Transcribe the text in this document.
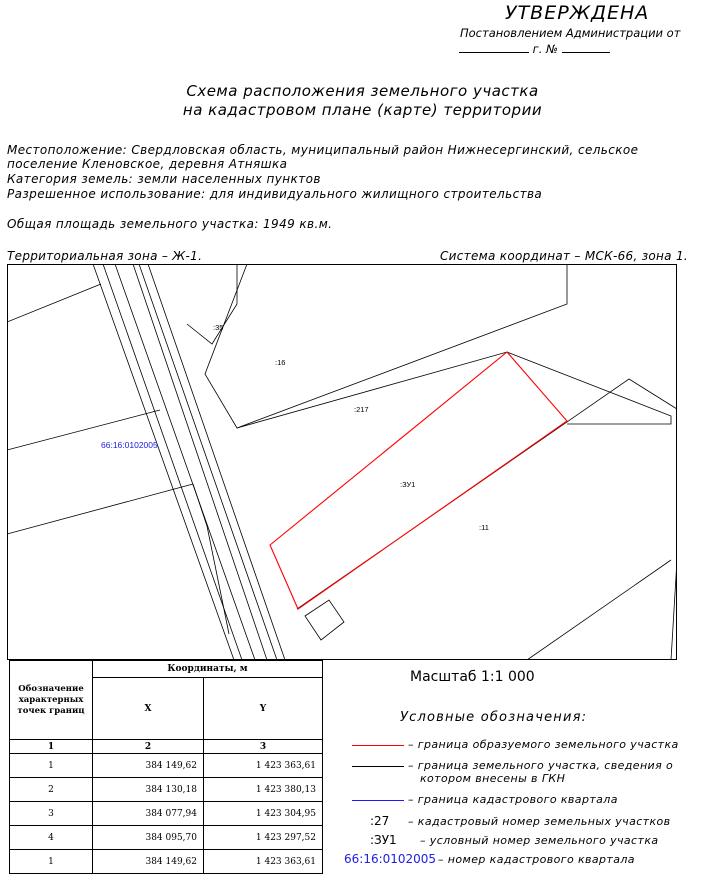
УТВЕРЖДЕНА
Постановлением Администрации от
г. №
Схема расположения земельного участка
на кадастровом плане (карте) территории
Местоположение: Свердловская область, муниципальный район Нижнесергинский, сельское
поселение Кленовское, деревня Атняшка
Категория земель: земли населенных пунктов
Разрешенное использование: для индивидуального жилищного строительства
Общая площадь земельного участка: 1949 кв.м.
Территориальная зона – Ж-1.	Система координат – МСК-66, зона 1.
:35
:16
:217
:ЗУ1
:11
66:16:0102005
Обозначение характерных точек границ	Координаты, м	
	X	Y
1	2	3
1	384 149,62	1 423 363,61
2	384 130,18	1 423 380,13
3	384 077,94	1 423 304,95
4	384 095,70	1 423 297,52
1	384 149,62	1 423 363,61
Масштаб 1:1 000
Условные обозначения:
– граница образуемого земельного участка
– граница земельного участка, сведения о
котором внесены в ГКН
– граница кадастрового квартала
:27 – кадастровый номер земельных участков
:ЗУ1 – условный номер земельного участка
66:16:0102005 – номер кадастрового квартала
